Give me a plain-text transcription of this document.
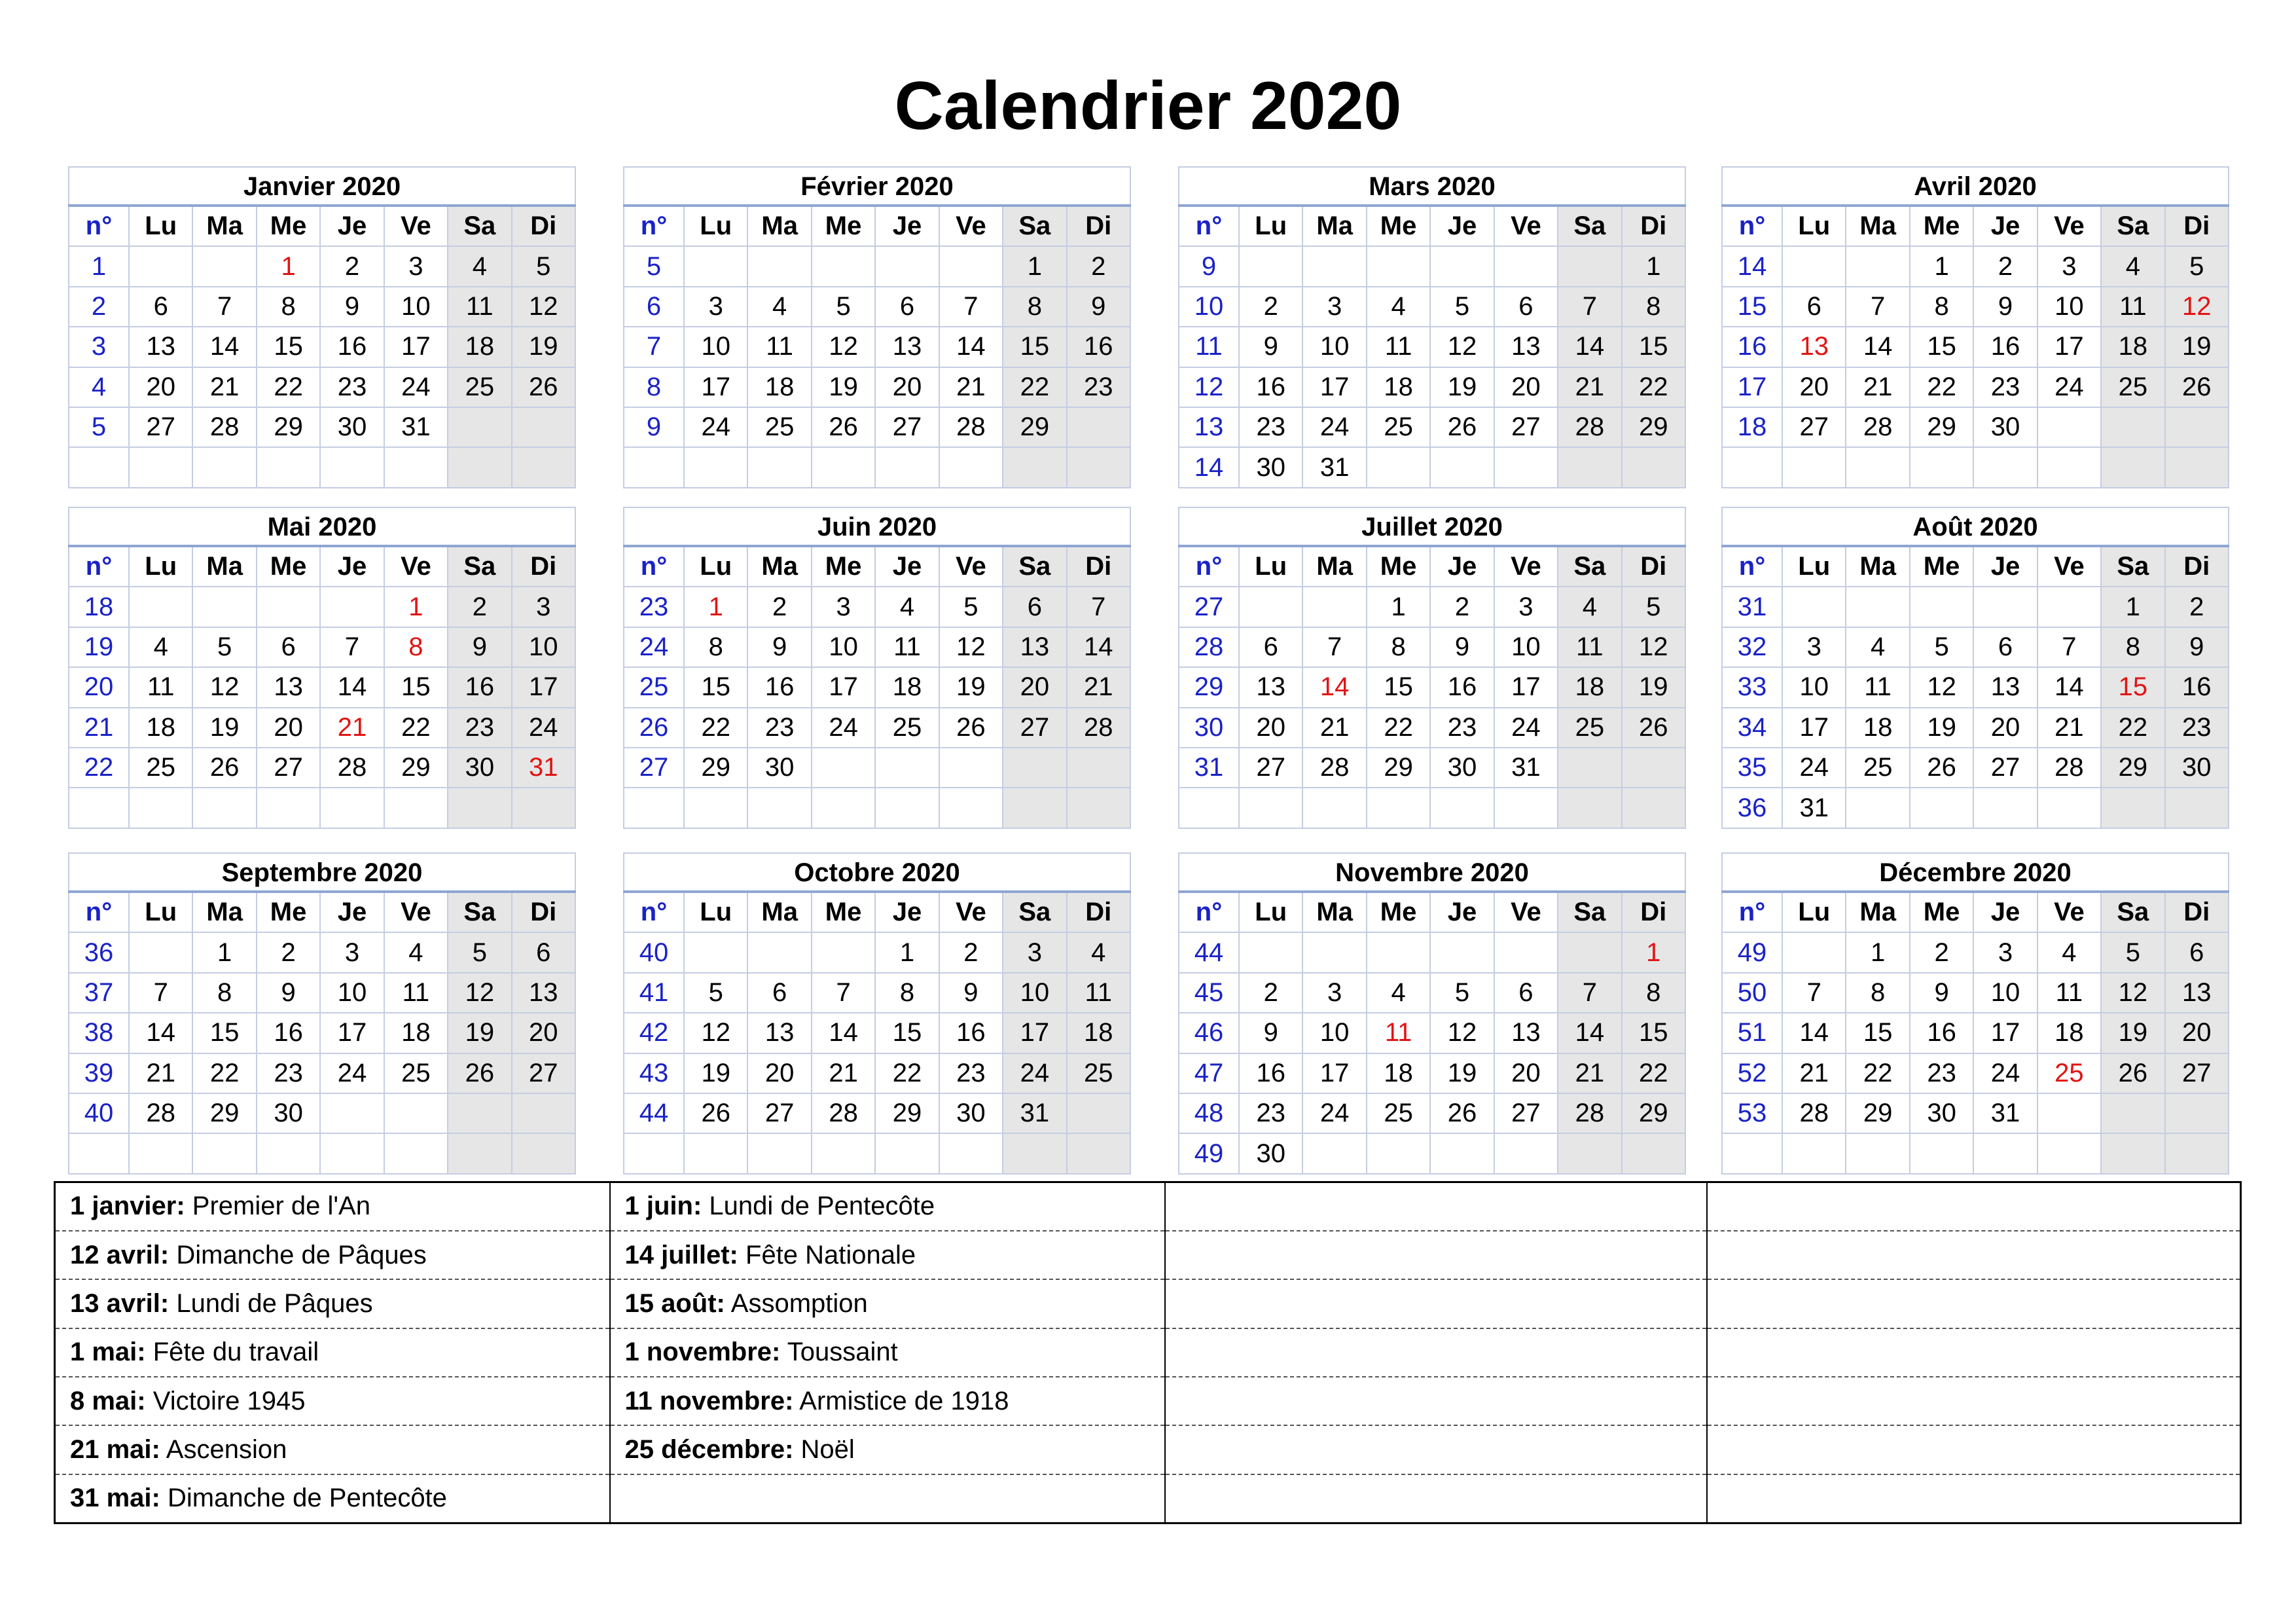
Calendrier 2020
Janvier 2020
n°	Lu	Ma	Me	Je	Ve	Sa	Di
1			1	2	3	4	5
2	6	7	8	9	10	11	12
3	13	14	15	16	17	18	19
4	20	21	22	23	24	25	26
5	27	28	29	30	31		

Février 2020
n°	Lu	Ma	Me	Je	Ve	Sa	Di
5						1	2
6	3	4	5	6	7	8	9
7	10	11	12	13	14	15	16
8	17	18	19	20	21	22	23
9	24	25	26	27	28	29	

Mars 2020
n°	Lu	Ma	Me	Je	Ve	Sa	Di
9							1
10	2	3	4	5	6	7	8
11	9	10	11	12	13	14	15
12	16	17	18	19	20	21	22
13	23	24	25	26	27	28	29
14	30	31					
Avril 2020
n°	Lu	Ma	Me	Je	Ve	Sa	Di
14			1	2	3	4	5
15	6	7	8	9	10	11	12
16	13	14	15	16	17	18	19
17	20	21	22	23	24	25	26
18	27	28	29	30			

Mai 2020
n°	Lu	Ma	Me	Je	Ve	Sa	Di
18					1	2	3
19	4	5	6	7	8	9	10
20	11	12	13	14	15	16	17
21	18	19	20	21	22	23	24
22	25	26	27	28	29	30	31

Juin 2020
n°	Lu	Ma	Me	Je	Ve	Sa	Di
23	1	2	3	4	5	6	7
24	8	9	10	11	12	13	14
25	15	16	17	18	19	20	21
26	22	23	24	25	26	27	28
27	29	30					

Juillet 2020
n°	Lu	Ma	Me	Je	Ve	Sa	Di
27			1	2	3	4	5
28	6	7	8	9	10	11	12
29	13	14	15	16	17	18	19
30	20	21	22	23	24	25	26
31	27	28	29	30	31		

Août 2020
n°	Lu	Ma	Me	Je	Ve	Sa	Di
31						1	2
32	3	4	5	6	7	8	9
33	10	11	12	13	14	15	16
34	17	18	19	20	21	22	23
35	24	25	26	27	28	29	30
36	31						
Septembre 2020
n°	Lu	Ma	Me	Je	Ve	Sa	Di
36		1	2	3	4	5	6
37	7	8	9	10	11	12	13
38	14	15	16	17	18	19	20
39	21	22	23	24	25	26	27
40	28	29	30				

Octobre 2020
n°	Lu	Ma	Me	Je	Ve	Sa	Di
40				1	2	3	4
41	5	6	7	8	9	10	11
42	12	13	14	15	16	17	18
43	19	20	21	22	23	24	25
44	26	27	28	29	30	31	

Novembre 2020
n°	Lu	Ma	Me	Je	Ve	Sa	Di
44							1
45	2	3	4	5	6	7	8
46	9	10	11	12	13	14	15
47	16	17	18	19	20	21	22
48	23	24	25	26	27	28	29
49	30						
Décembre 2020
n°	Lu	Ma	Me	Je	Ve	Sa	Di
49		1	2	3	4	5	6
50	7	8	9	10	11	12	13
51	14	15	16	17	18	19	20
52	21	22	23	24	25	26	27
53	28	29	30	31			

1 janvier: Premier de l'An	1 juin: Lundi de Pentecôte		
12 avril: Dimanche de Pâques	14 juillet: Fête Nationale		
13 avril: Lundi de Pâques	15 août: Assomption		
1 mai: Fête du travail	1 novembre: Toussaint		
8 mai: Victoire 1945	11 novembre: Armistice de 1918		
21 mai: Ascension	25 décembre: Noël		
31 mai: Dimanche de Pentecôte			
